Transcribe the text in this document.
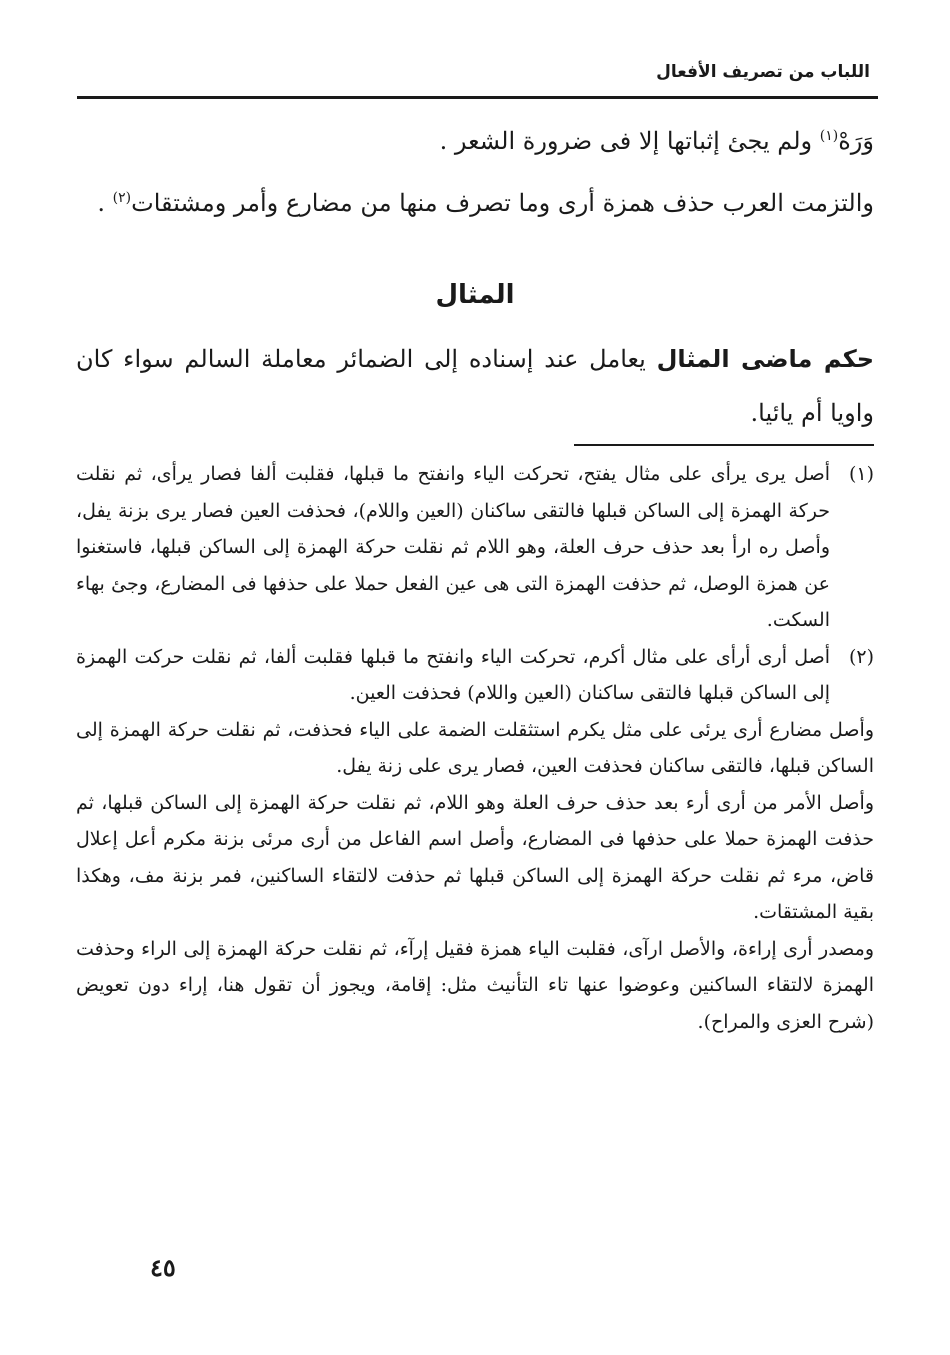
اللباب من تصريف الأفعال

وَرَهْ$^{(١)}$ ولم يجئ إثباتها إلا فى ضرورة الشعر .

والتزمت العرب حذف همزة أرى وما تصرف منها من مضارع وأمر ومشتقات$^{(٢)}$ .

المثال

حكم ماضى المثال يعامل عند إسناده إلى الضمائر معاملة السالم سواء كان واويا أم يائيا.

(١)

أصل يرى يرأى على مثال يفتح، تحركت الياء وانفتح ما قبلها، فقلبت ألفا فصار يرأى، ثم نقلت حركة الهمزة إلى الساكن قبلها فالتقى ساكنان (العين واللام)، فحذفت العين فصار يرى بزنة يفل، وأصل ره ارأ بعد حذف حرف العلة، وهو اللام ثم نقلت حركة الهمزة إلى الساكن قبلها، فاستغنوا عن همزة الوصل، ثم حذفت الهمزة التى هى عين الفعل حملا على حذفها فى المضارع، وجئ بهاء السكت.

(٢)

أصل أرى أرأى على مثال أكرم، تحركت الياء وانفتح ما قبلها فقلبت ألفا، ثم نقلت حركت الهمزة إلى الساكن قبلها فالتقى ساكنان (العين واللام) فحذفت العين.

وأصل مضارع أرى يرئى على مثل يكرم استثقلت الضمة على الياء فحذفت، ثم نقلت حركة الهمزة إلى الساكن قبلها، فالتقى ساكنان فحذفت العين، فصار يرى على زنة يفل.

وأصل الأمر من أرى أرء بعد حذف حرف العلة وهو اللام، ثم نقلت حركة الهمزة إلى الساكن قبلها، ثم حذفت الهمزة حملا على حذفها فى المضارع، وأصل اسم الفاعل من أرى مرئى بزنة مكرم أعل إعلال قاض، مرء ثم نقلت حركة الهمزة إلى الساكن قبلها ثم حذفت لالتقاء الساكنين، فمر بزنة مف، وهكذا بقية المشتقات.

ومصدر أرى إراءة، والأصل ارآى، فقلبت الياء همزة فقيل إرآء، ثم نقلت حركة الهمزة إلى الراء وحذفت الهمزة لالتقاء الساكنين وعوضوا عنها تاء التأنيث مثل: إقامة، ويجوز أن تقول هنا، إراء دون تعويض (شرح العزى والمراح).

٤٥
